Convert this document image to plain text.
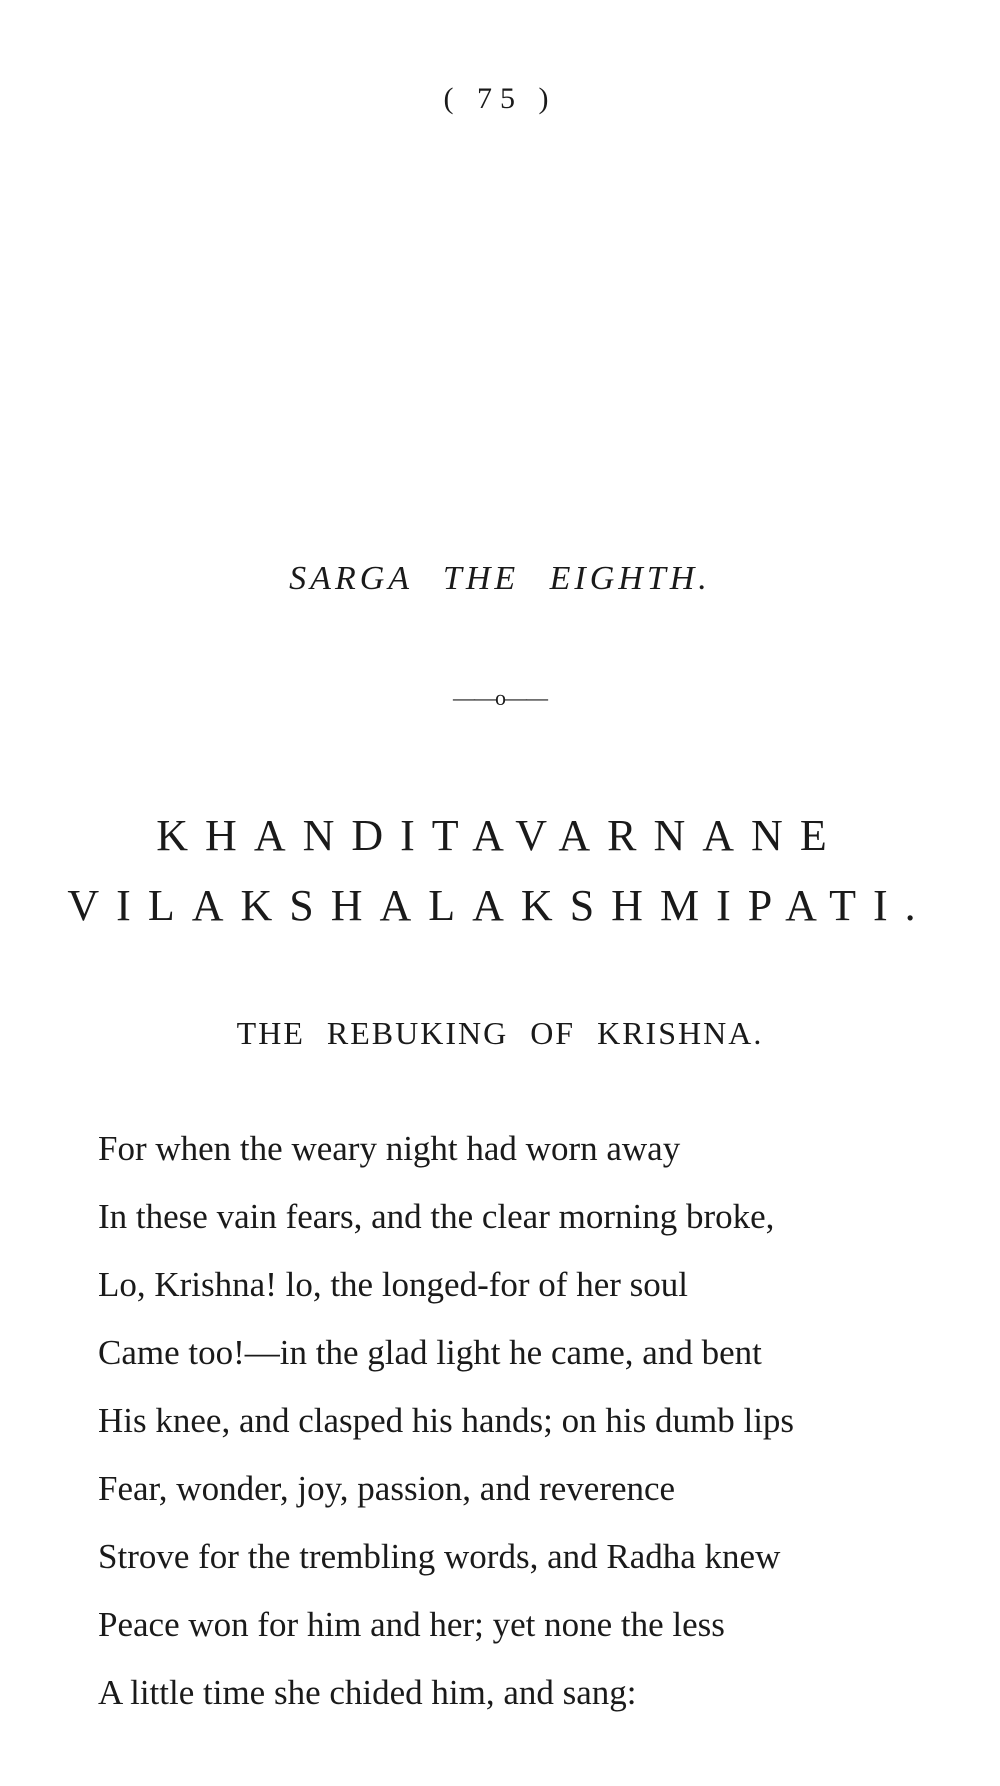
( 75 )
SARGA THE EIGHTH.
——o——
KHANDITAVARNANE
VILAKSHALAKSHMIPATI.
THE REBUKING OF KRISHNA.
For when the weary night had worn away
In these vain fears, and the clear morning broke,
Lo, Krishna! lo, the longed-for of her soul
Came too!—in the glad light he came, and bent
His knee, and clasped his hands; on his dumb lips
Fear, wonder, joy, passion, and reverence
Strove for the trembling words, and Radha knew
Peace won for him and her; yet none the less
A little time she chided him, and sang:
